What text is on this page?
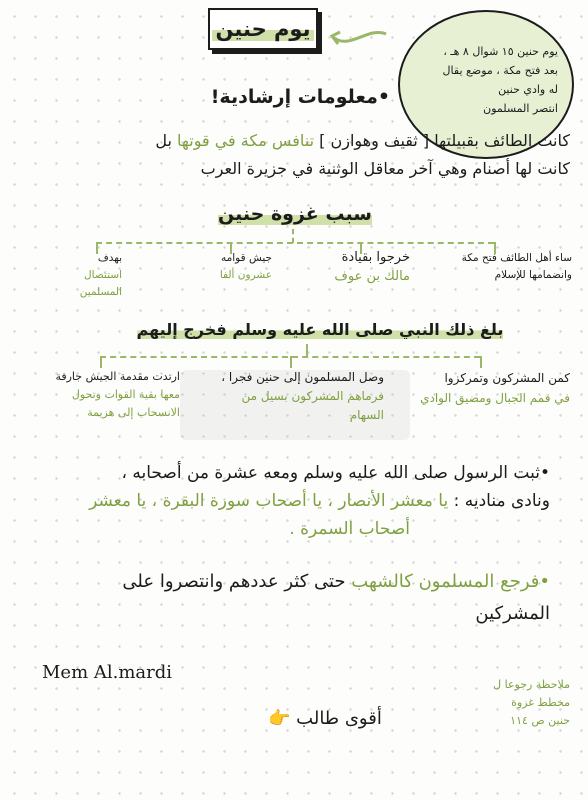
يوم حنين
يوم حنين ١٥ شوال ٨ هـ ،
بعد فتح مكة ، موضع يقال
له وادي حنين
انتصر المسلمون
•معلومات إرشادية!
كانت الطائف بقبيلتها [ ثقيف وهوازن ] تنافس مكة في قوتها بل
كانت لها أصنام وهي آخر معاقل الوثنية في جزيرة العرب
سبب غزوة حنين
ساء أهل الطائف فتح مكة
وانضمامها للإسلام
خرجوا بقيادة
مالك بن عوف
جيش قوامه
عشرون ألفا
بهدف
استئصال المسلمين
بلغ ذلك النبي صلى الله عليه وسلم فخرج إليهم
كمن المشركون وتمركزوا
في قمم الجبال ومضيق الوادي
وصل المسلمون إلى حنين فجرا ،
فرماهم المشركون بسيل من السهام
ارتدت مقدمة الجيش جارفة
معها بقية القوات وتحول الانسحاب إلى هزيمة
•ثبت الرسول صلى الله عليه وسلم ومعه عشرة من أصحابه ،
ونادى مناديه : يا معشر الأنصار ، يا أصحاب سورة البقرة ، يا معشر
أصحاب السمرة .
•فرجع المسلمون كالشهب حتى كثر عددهم وانتصروا على
المشركين
Mem Al.mardi
ملاحظة رجوعا ل
مخطط غزوة
حنين ص ١١٤
👉 أقوى طالب
